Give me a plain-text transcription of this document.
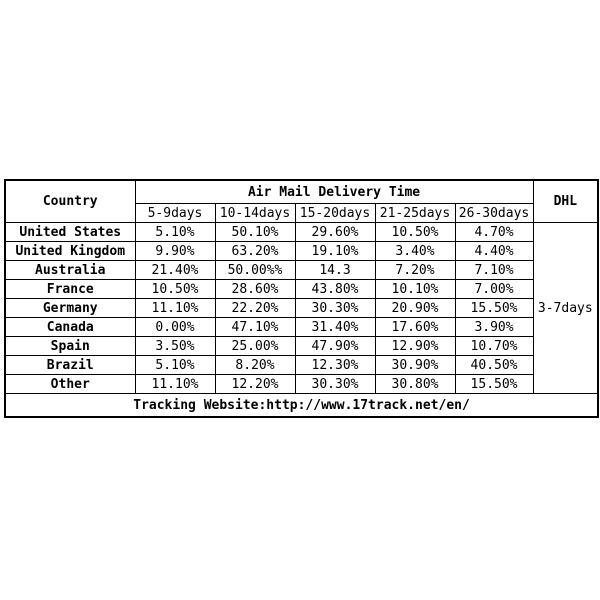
Country	Air Mail Delivery Time					DHL
	5-9days	10-14days	15-20days	21-25days	26-30days	
United States	5.10%	50.10%	29.60%	10.50%	4.70%	3-7days
United Kingdom	9.90%	63.20%	19.10%	3.40%	4.40%	
Australia	21.40%	50.00%%	14.3	7.20%	7.10%	
France	10.50%	28.60%	43.80%	10.10%	7.00%	
Germany	11.10%	22.20%	30.30%	20.90%	15.50%	
Canada	0.00%	47.10%	31.40%	17.60%	3.90%	
Spain	3.50%	25.00%	47.90%	12.90%	10.70%	
Brazil	5.10%	8.20%	12.30%	30.90%	40.50%	
Other	11.10%	12.20%	30.30%	30.80%	15.50%	
Tracking Website:http://www.17track.net/en/						
